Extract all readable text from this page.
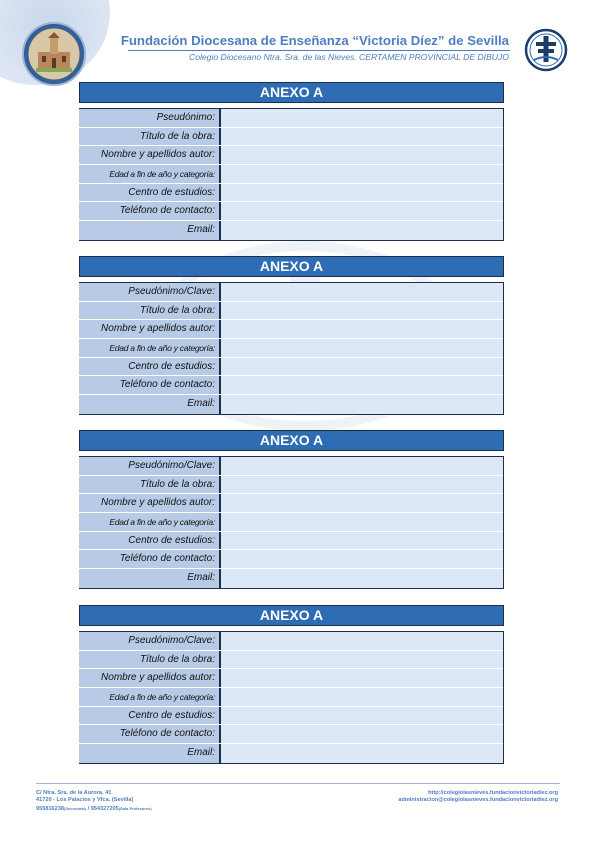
Fundación Diocesana de Enseñanza “Victoria Díez” de Sevilla
Colegio Diocesano Ntra. Sra. de las Nieves. CERTAMEN PROVINCIAL DE DIBUJO
ANEXO A
Pseudónimo:
Título de la obra:
Nombre y apellidos autor:
Edad a fin de año y categoría:
Centro de estudios:
Teléfono de contacto:
Email:
ANEXO A
Pseudónimo/Clave:
Título de la obra:
Nombre y apellidos autor:
Edad a fin de año y categoría:
Centro de estudios:
Teléfono de contacto:
Email:
ANEXO A
Pseudónimo/Clave:
Título de la obra:
Nombre y apellidos autor:
Edad a fin de año y categoría:
Centro de estudios:
Teléfono de contacto:
Email:
ANEXO A
Pseudónimo/Clave:
Título de la obra:
Nombre y apellidos autor:
Edad a fin de año y categoría:
Centro de estudios:
Teléfono de contacto:
Email:
C/ Ntra. Sra. de la Aurora, 41
41720 - Los Palacios y Vfca. (Sevilla)
955816238(Secretaría) / 954327205(Sala Profesores)
http://colegiolasnieves.fundacionvictoriadiez.org
administracion@colegiolasnieves.fundacionvictoriadiez.org
